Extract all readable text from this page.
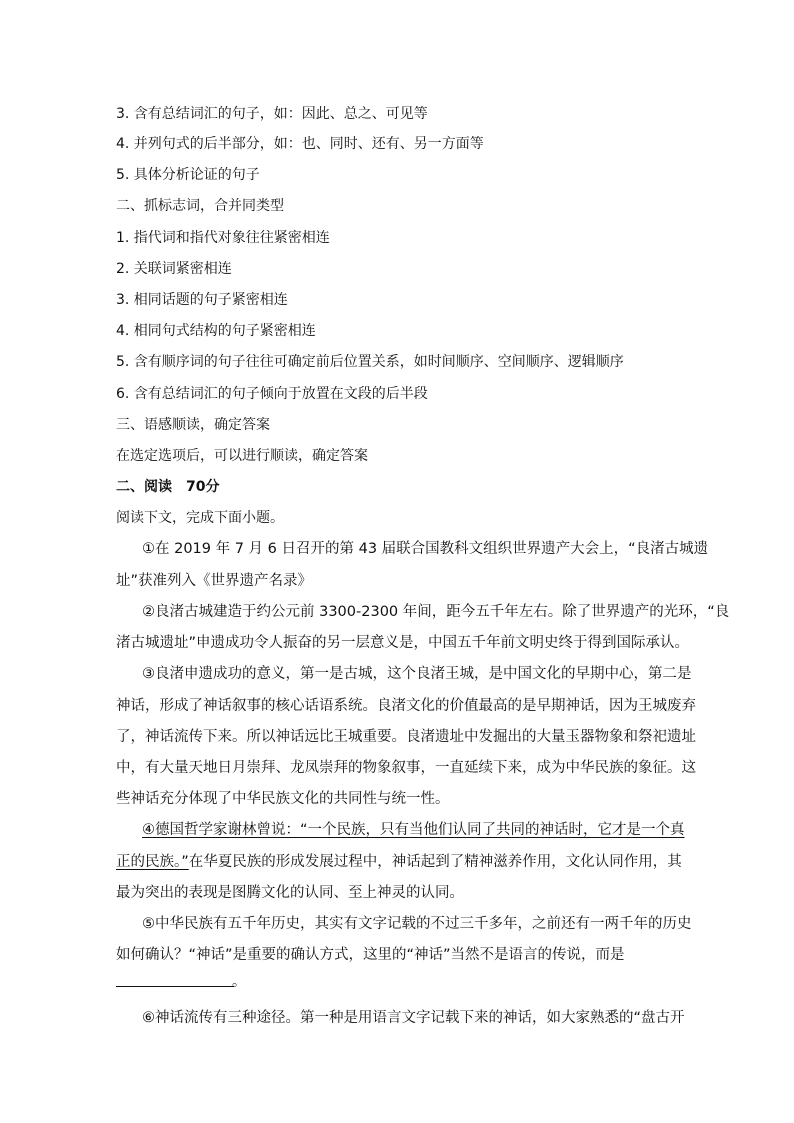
3. 含有总结词汇的句子，如：因此、总之、可见等
4. 并列句式的后半部分，如：也、同时、还有、另一方面等
5. 具体分析论证的句子
二、抓标志词，合并同类型
1. 指代词和指代对象往往紧密相连
2. 关联词紧密相连
3. 相同话题的句子紧密相连
4. 相同句式结构的句子紧密相连
5. 含有顺序词的句子往往可确定前后位置关系，如时间顺序、空间顺序、逻辑顺序
6. 含有总结词汇的句子倾向于放置在文段的后半段
三、语感顺读，确定答案
在选定选项后，可以进行顺读，确定答案
二、阅读　70分
阅读下文，完成下面小题。
①在 2019 年 7 月 6 日召开的第 43 届联合国教科文组织世界遗产大会上，“良渚古城遗
址”获准列入《世界遗产名录》
②良渚古城建造于约公元前 3300-2300 年间，距今五千年左右。除了世界遗产的光环，“良
渚古城遗址”申遗成功令人振奋的另一层意义是，中国五千年前文明史终于得到国际承认。
③良渚申遗成功的意义，第一是古城，这个良渚王城，是中国文化的早期中心，第二是
神话，形成了神话叙事的核心话语系统。良渚文化的价值最高的是早期神话，因为王城废弃
了，神话流传下来。所以神话远比王城重要。良渚遗址中发掘出的大量玉器物象和祭祀遗址
中，有大量天地日月崇拜、龙凤崇拜的物象叙事，一直延续下来，成为中华民族的象征。这
些神话充分体现了中华民族文化的共同性与统一性。
④德国哲学家谢林曾说：“一个民族，只有当他们认同了共同的神话时，它才是一个真
正的民族。”在华夏民族的形成发展过程中，神话起到了精神滋养作用，文化认同作用，其
最为突出的表现是图腾文化的认同、至上神灵的认同。
⑤中华民族有五千年历史，其实有文字记载的不过三千多年，之前还有一两千年的历史
如何确认？“神话”是重要的确认方式，这里的“神话”当然不是语言的传说，而是
。
⑥神话流传有三种途径。第一种是用语言文字记载下来的神话，如大家熟悉的“盘古开
